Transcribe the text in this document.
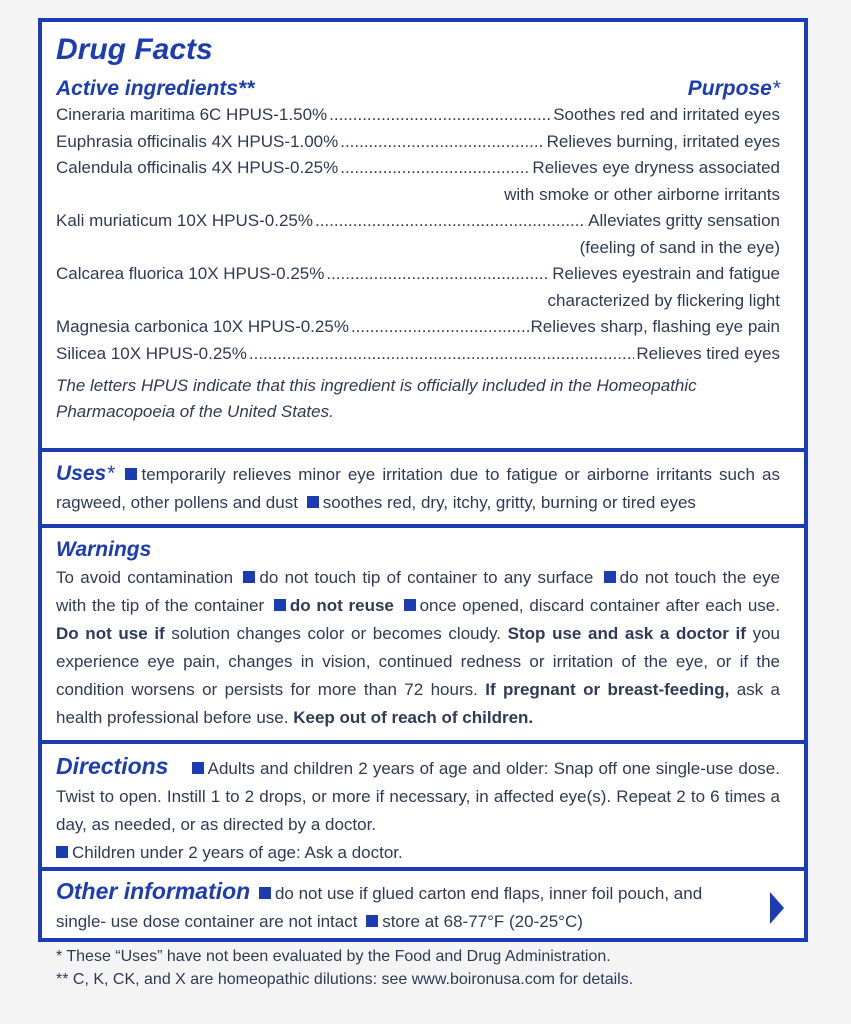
Drug Facts
Active ingredients**	Purpose*
Cineraria maritima 6C HPUS-1.50% .....	Soothes red and irritated eyes
Euphrasia officinalis 4X HPUS-1.00% .....	Relieves burning, irritated eyes
Calendula officinalis 4X HPUS-0.25% .....	Relieves eye dryness associated
with smoke or other airborne irritants
Kali muriaticum 10X HPUS-0.25% .....	Alleviates gritty sensation
(feeling of sand in the eye)
Calcarea fluorica 10X HPUS-0.25% .....	Relieves eyestrain and fatigue
characterized by flickering light
Magnesia carbonica 10X HPUS-0.25% .....	Relieves sharp, flashing eye pain
Silicea 10X HPUS-0.25% .....	Relieves tired eyes
The letters HPUS indicate that this ingredient is officially included in the Homeopathic Pharmacopoeia of the United States.
Uses* temporarily relieves minor eye irritation due to fatigue or airborne irritants such as ragweed, other pollens and dust soothes red, dry, itchy, gritty, burning or tired eyes
Warnings
To avoid contamination do not touch tip of container to any surface do not touch the eye with the tip of the container do not reuse once opened, discard container after each use. Do not use if solution changes color or becomes cloudy. Stop use and ask a doctor if you experience eye pain, changes in vision, continued redness or irritation of the eye, or if the condition worsens or persists for more than 72 hours. If pregnant or breast-feeding, ask a health professional before use. Keep out of reach of children.
Directions Adults and children 2 years of age and older: Snap off one single-use dose. Twist to open. Instill 1 to 2 drops, or more if necessary, in affected eye(s). Repeat 2 to 6 times a day, as needed, or as directed by a doctor.
Children under 2 years of age: Ask a doctor.
Other information do not use if glued carton end flaps, inner foil pouch, and single- use dose container are not intact store at 68-77°F (20-25°C)
* These “Uses” have not been evaluated by the Food and Drug Administration.
** C, K, CK, and X are homeopathic dilutions: see www.boironusa.com for details.
